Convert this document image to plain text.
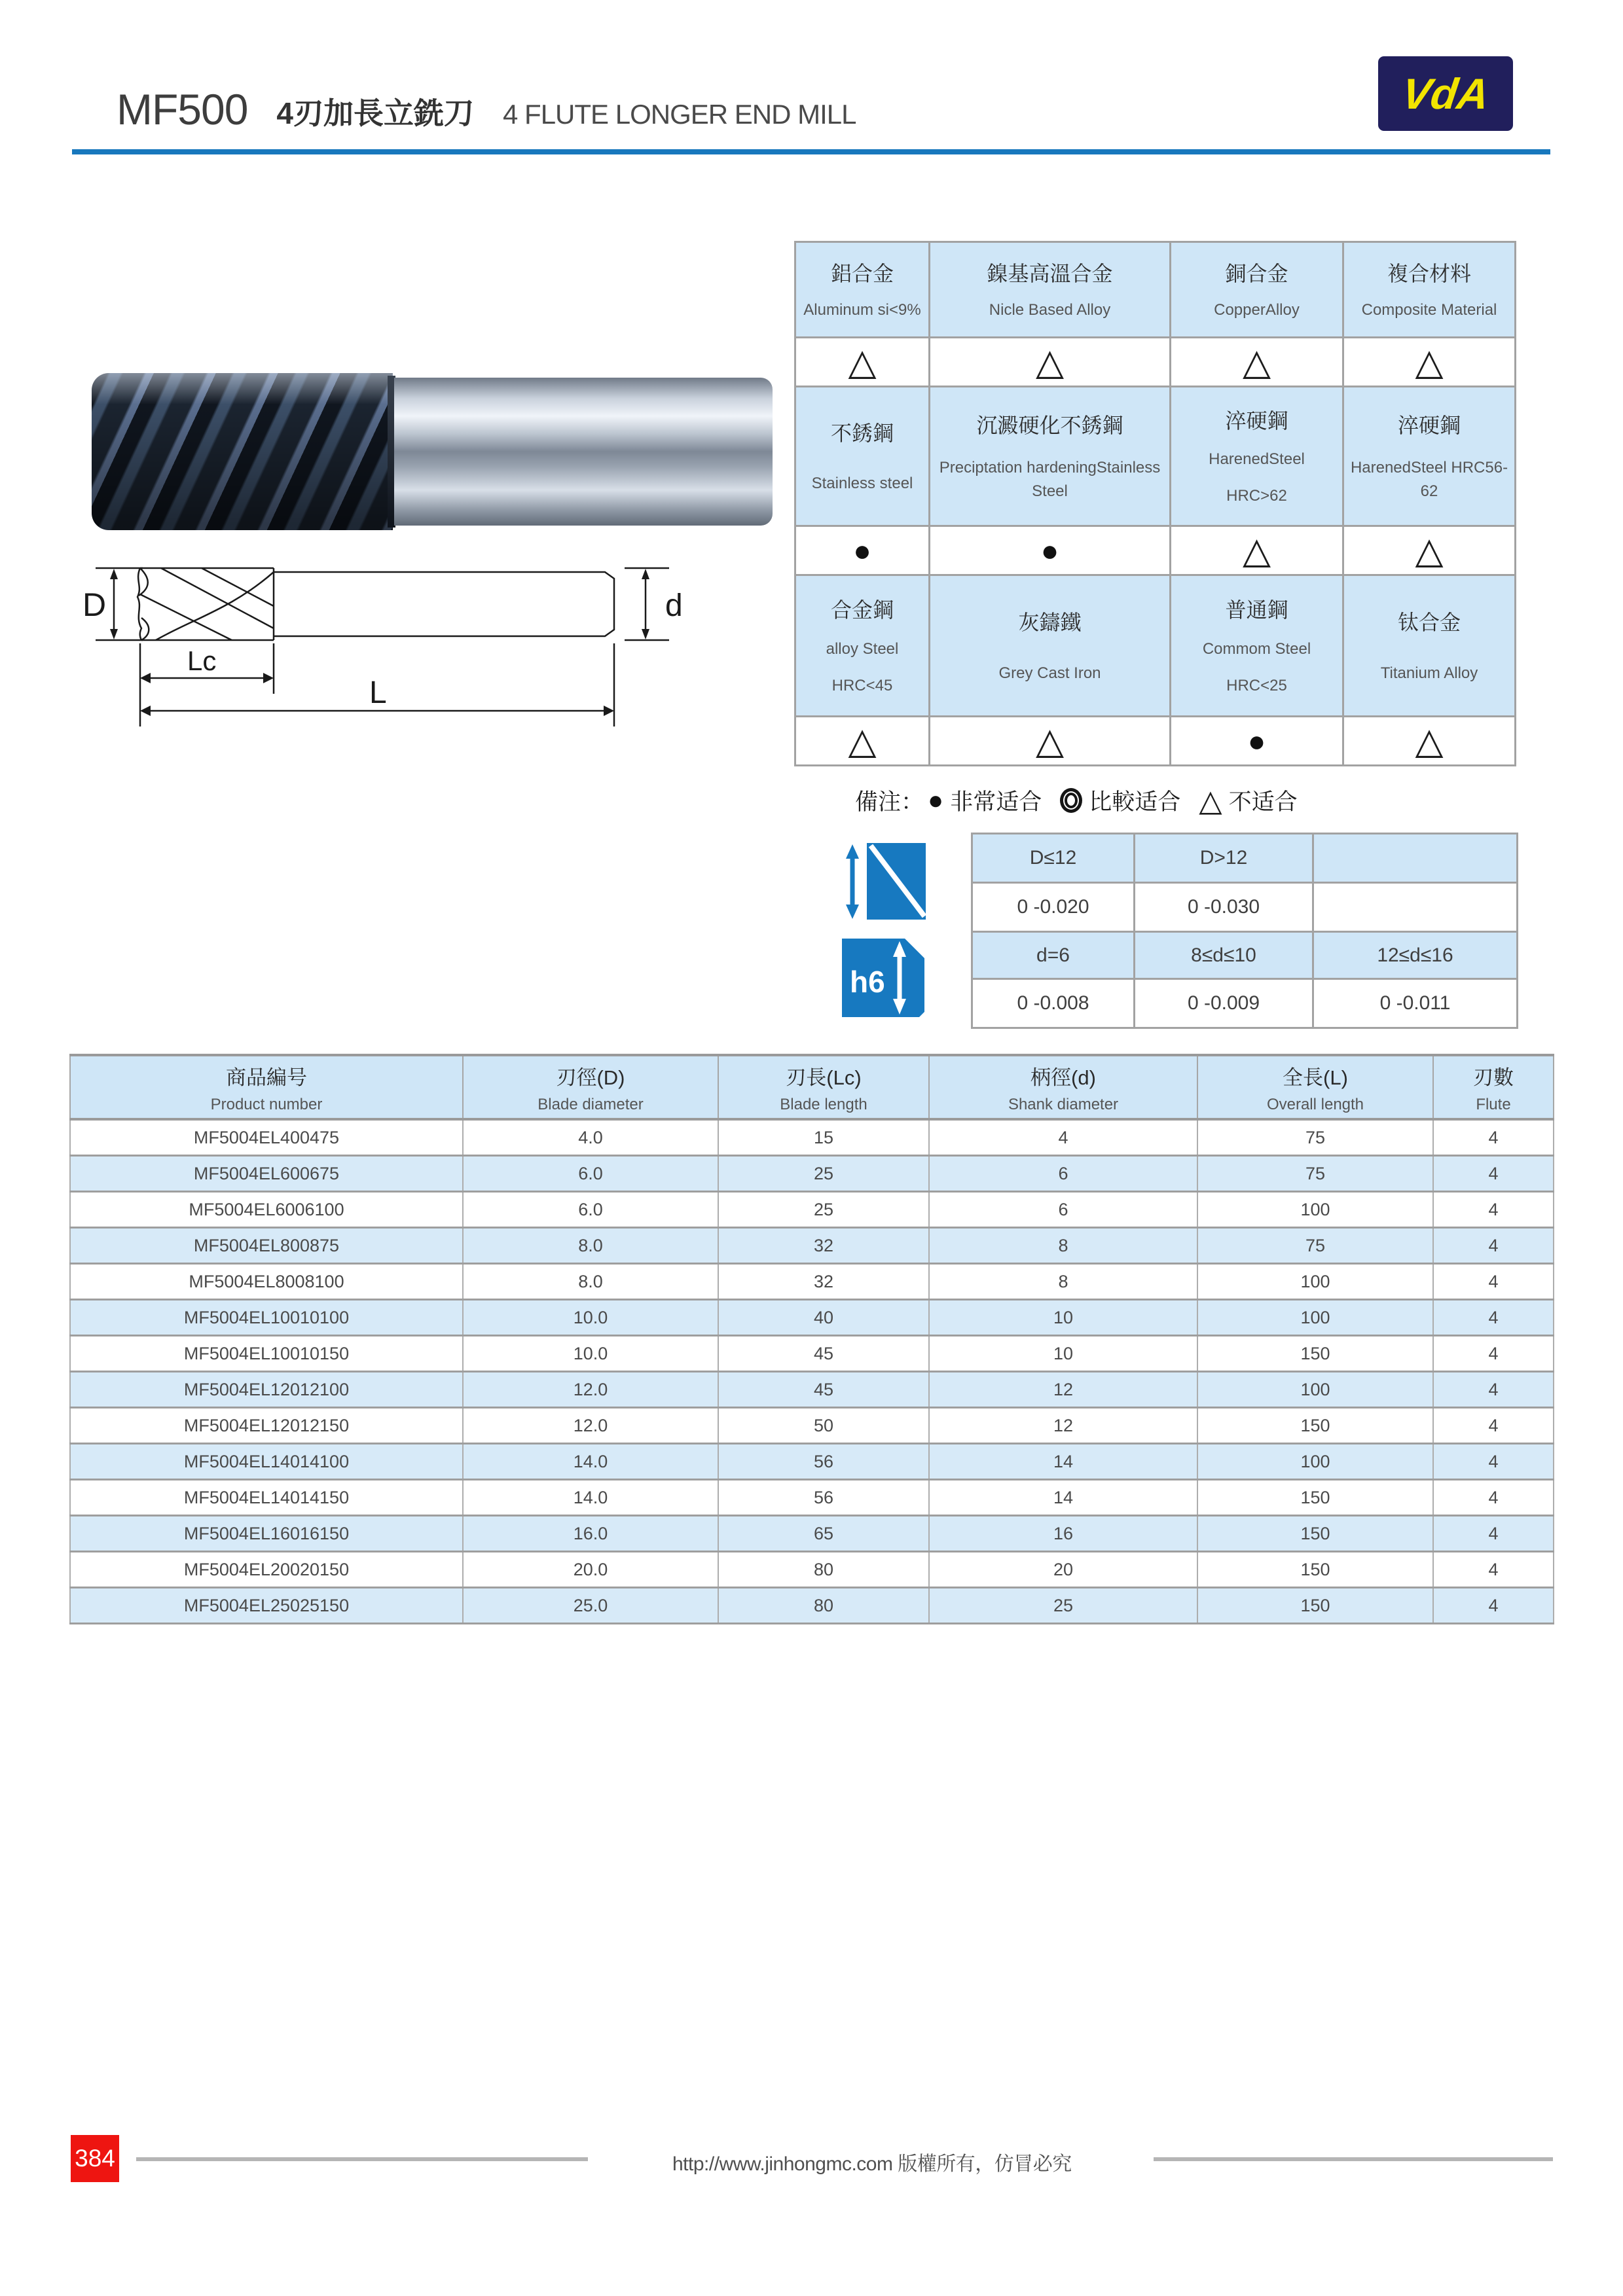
MF500 4刃加長立銑刀 4 FLUTE LONGER END MILL	VdA
D	d
Lc
L
鋁合金
Aluminum si<9%

鎳基高溫合金
Nicle Based Alloy

銅合金
CopperAlloy

複合材料
Composite Material

△	△	△	△

不銹鋼
Stainless steel

沉澱硬化不銹鋼
Preciptation hardeningStainless Steel

淬硬鋼
HarenedSteel
HRC>62

淬硬鋼
HarenedSteel HRC56-62

●	●	△	△

合金鋼
alloy Steel
HRC<45

灰鑄鐵
Grey Cast Iron

普通鋼
Commom Steel
HRC<25

钛合金
Titanium Alloy

△	△	●	△
備注： ● 非常适合 比較适合 △ 不适合
h6
D≤12	D>12	
0 -0.020	0 -0.030	
d=6	8≤d≤10	12≤d≤16
0 -0.008	0 -0.009	0 -0.011
商品編号
Product number

刃徑(D)
Blade diameter

刃長(Lc)
Blade length

柄徑(d)
Shank diameter

全長(L)
Overall length

刃數
Flute

MF5004EL400475	4.0	15	4	75	4
MF5004EL600675	6.0	25	6	75	4
MF5004EL6006100	6.0	25	6	100	4
MF5004EL800875	8.0	32	8	75	4
MF5004EL8008100	8.0	32	8	100	4
MF5004EL10010100	10.0	40	10	100	4
MF5004EL10010150	10.0	45	10	150	4
MF5004EL12012100	12.0	45	12	100	4
MF5004EL12012150	12.0	50	12	150	4
MF5004EL14014100	14.0	56	14	100	4
MF5004EL14014150	14.0	56	14	150	4
MF5004EL16016150	16.0	65	16	150	4
MF5004EL20020150	20.0	80	20	150	4
MF5004EL25025150	25.0	80	25	150	4
384	http://www.jinhongmc.com 版權所有，仿冒必究
